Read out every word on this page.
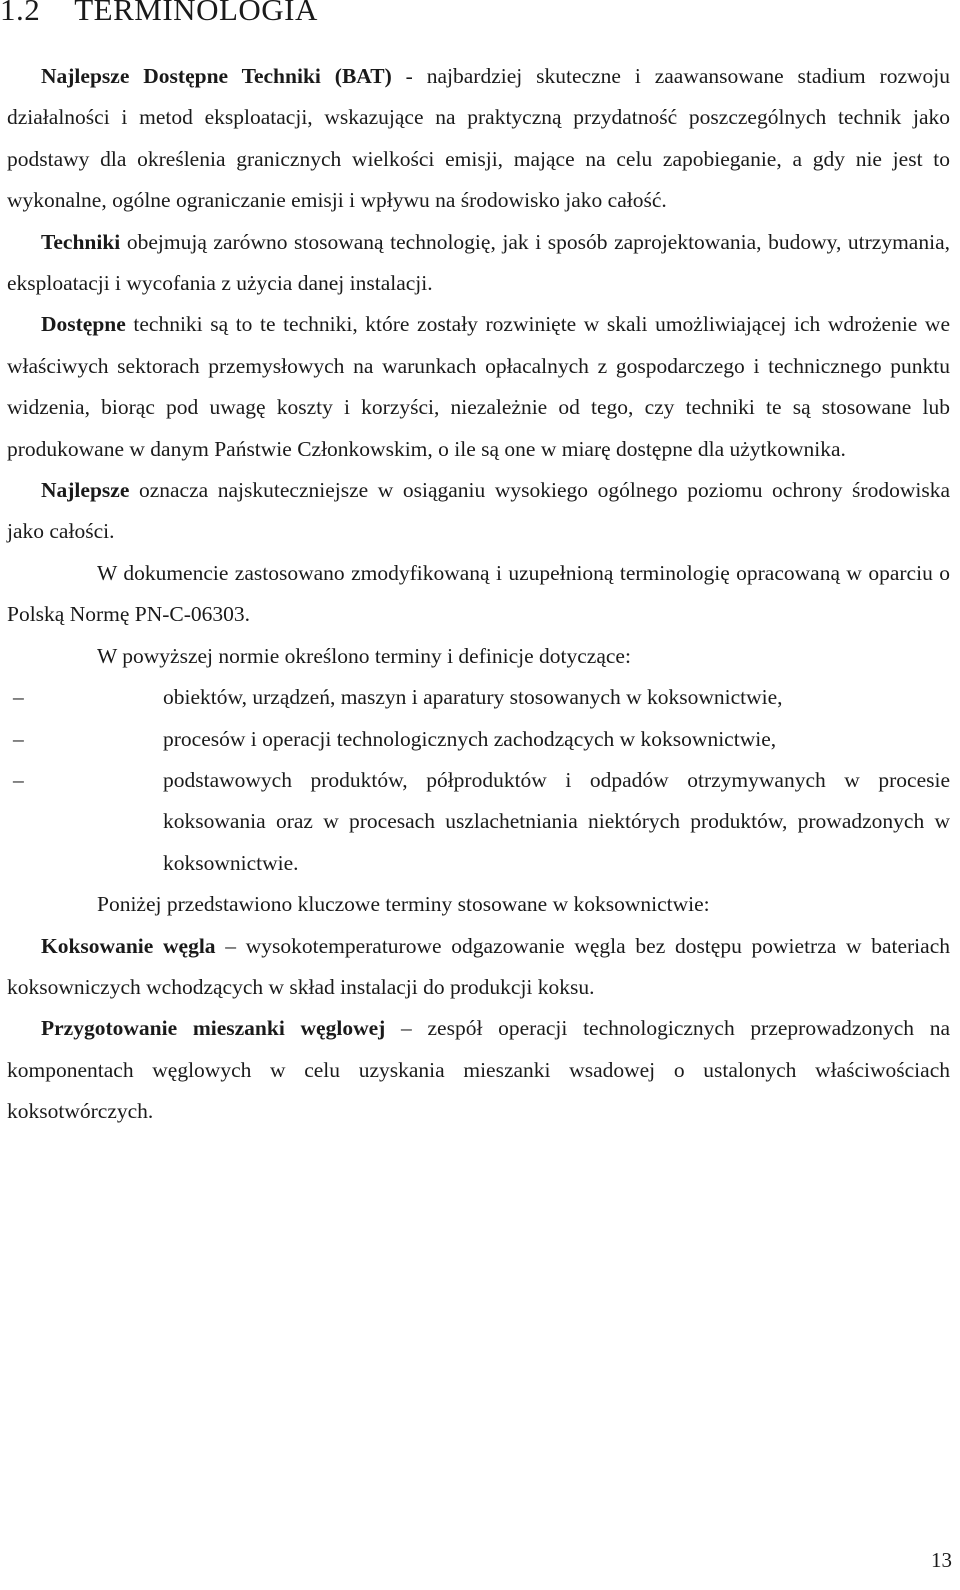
1.2 TERMINOLOGIA

Najlepsze Dostępne Techniki (BAT) - najbardziej skuteczne i zaawansowane stadium rozwoju działalności i metod eksploatacji, wskazujące na praktyczną przydatność poszczególnych technik jako podstawy dla określenia granicznych wielkości emisji, mające na celu zapobieganie, a gdy nie jest to wykonalne, ogólne ograniczanie emisji i wpływu na środowisko jako całość.

Techniki obejmują zarówno stosowaną technologię, jak i sposób zaprojektowania, budowy, utrzymania, eksploatacji i wycofania z użycia danej instalacji.

Dostępne techniki są to te techniki, które zostały rozwinięte w skali umożliwiającej ich wdrożenie we właściwych sektorach przemysłowych na warunkach opłacalnych z gospodarczego i technicznego punktu widzenia, biorąc pod uwagę koszty i korzyści, niezależnie od tego, czy techniki te są stosowane lub produkowane w danym Państwie Członkowskim, o ile są one w miarę dostępne dla użytkownika.

Najlepsze oznacza najskuteczniejsze w osiąganiu wysokiego ogólnego poziomu ochrony środowiska jako całości.

W dokumencie zastosowano zmodyfikowaną i uzupełnioną terminologię opracowaną w oparciu o Polską Normę PN-C-06303.

W powyższej normie określono terminy i definicje dotyczące:

–	obiektów, urządzeń, maszyn i aparatury stosowanych w koksownictwie,
–	procesów i operacji technologicznych zachodzących w koksownictwie,
–	podstawowych produktów, półproduktów i odpadów otrzymywanych w procesie koksowania oraz w procesach uszlachetniania niektórych produktów, prowadzonych w koksownictwie.

Poniżej przedstawiono kluczowe terminy stosowane w koksownictwie:

Koksowanie węgla – wysokotemperaturowe odgazowanie węgla bez dostępu powietrza w bateriach koksowniczych wchodzących w skład instalacji do produkcji koksu.

Przygotowanie mieszanki węglowej – zespół operacji technologicznych przeprowadzonych na komponentach węglowych w celu uzyskania mieszanki wsadowej o ustalonych właściwościach koksotwórczych.

13
